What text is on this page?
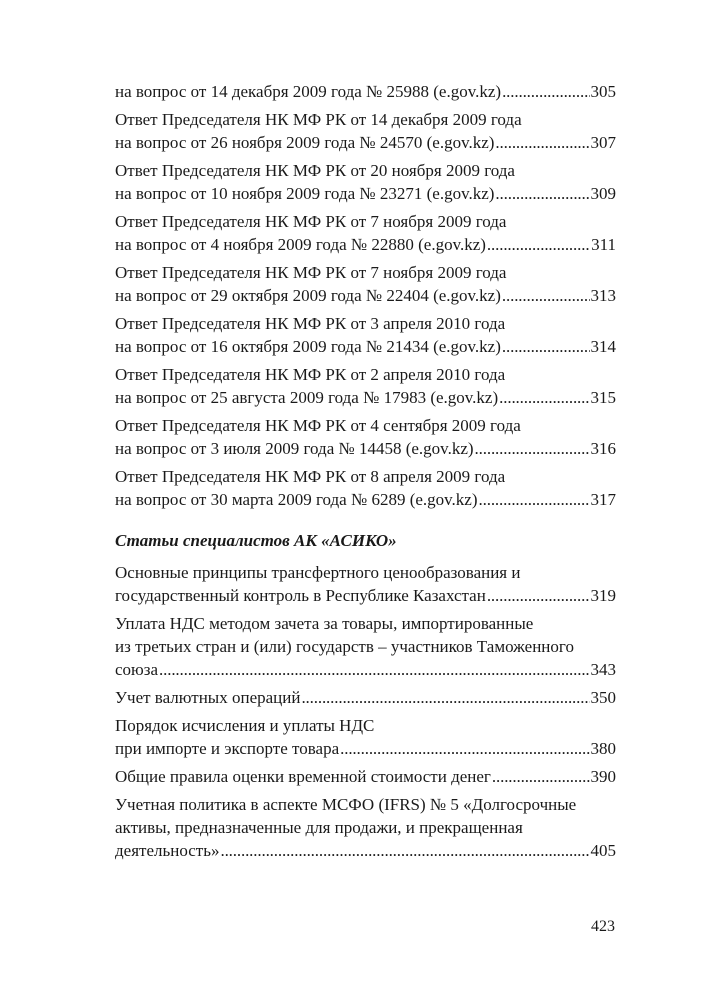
на вопрос от 14 декабря 2009 года № 25988 (e.gov.kz) . . .	305
Ответ Председателя НК МФ РК от 14 декабря 2009 года
на вопрос от 26 ноября 2009 года № 24570 (e.gov.kz) . . .	307
Ответ Председателя НК МФ РК от 20 ноября 2009 года
на вопрос от 10 ноября 2009 года № 23271 (e.gov.kz) . . .	309
Ответ Председателя НК МФ РК от 7 ноября 2009 года
на вопрос от 4 ноября 2009 года № 22880 (e.gov.kz) . . .	311
Ответ Председателя НК МФ РК от 7 ноября 2009 года
на вопрос от 29 октября 2009 года № 22404 (e.gov.kz) . . .	313
Ответ Председателя НК МФ РК от 3 апреля 2010 года
на вопрос от 16 октября 2009 года № 21434 (e.gov.kz) . . .	314
Ответ Председателя НК МФ РК от 2 апреля 2010 года
на вопрос от 25 августа 2009 года № 17983 (e.gov.kz) . . .	315
Ответ Председателя НК МФ РК от 4 сентября 2009 года
на вопрос от 3 июля 2009 года № 14458 (e.gov.kz) . . .	316
Ответ Председателя НК МФ РК от 8 апреля 2009 года
на вопрос от 30 марта 2009 года № 6289 (e.gov.kz) . . .	317
Статьи специалистов АК «АСИКО»
Основные принципы трансфертного ценообразования и
государственный контроль в Республике Казахстан . . .	319
Уплата НДС методом зачета за товары, импортированные
из третьих стран и (или) государств – участников Таможенного
союза . . .	343
Учет валютных операций . . .	350
Порядок исчисления и уплаты НДС
при импорте и экспорте товара . . .	380
Общие правила оценки временной стоимости денег . . .	390
Учетная политика в аспекте МСФО (IFRS) № 5 «Долгосрочные
активы, предназначенные для продажи, и прекращенная
деятельность» . . .	405
423
